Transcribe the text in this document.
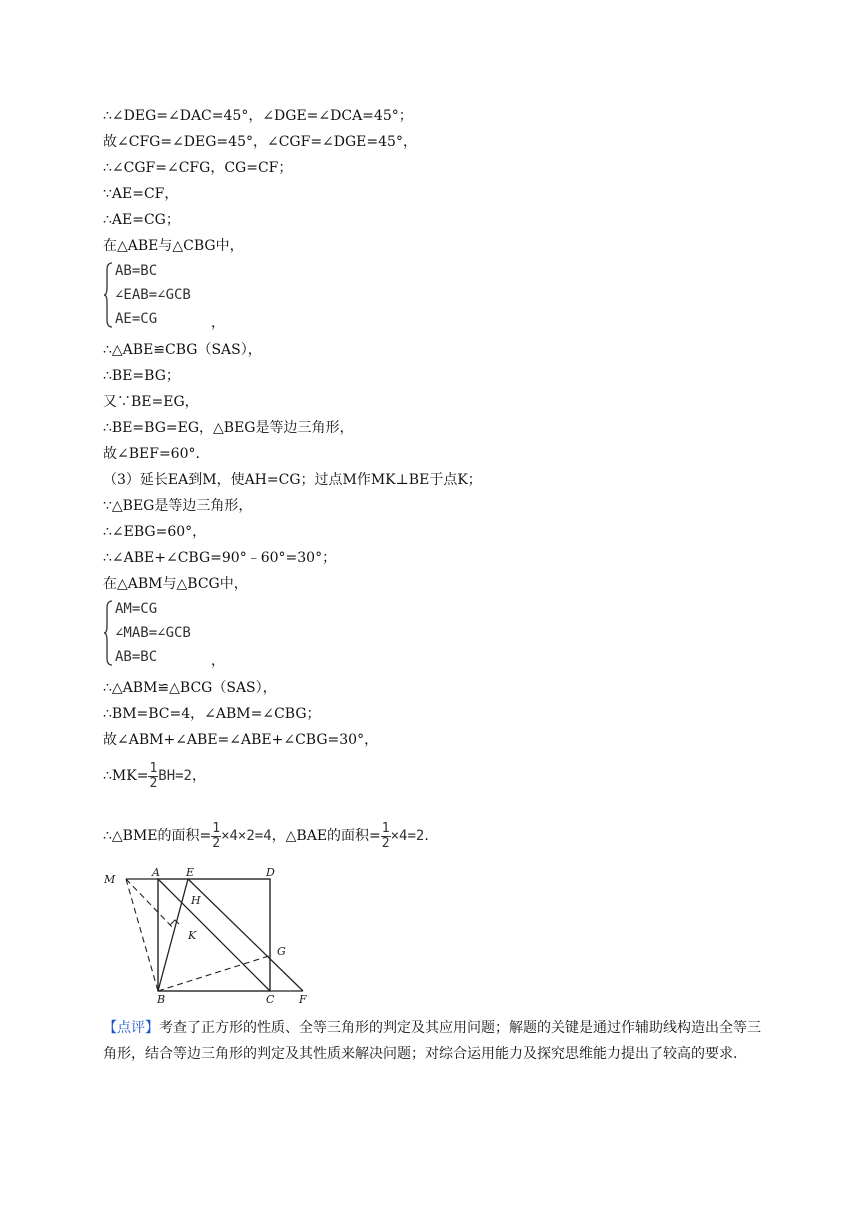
∴∠DEG=∠DAC=45°，∠DGE=∠DCA=45°；
故∠CFG=∠DEG=45°，∠CGF=∠DGE=45°，
∴∠CGF=∠CFG，CG=CF；
∵AE=CF，
∴AE=CG；
在△ABE与△CBG中，
AB=BC
∠EAB=∠GCB
AE=CG	，
∴△ABE≌CBG（SAS），
∴BE=BG；
又∵BE=EG，
∴BE=BG=EG，△BEG是等边三角形，
故∠BEF=60°.
（3）延长EA到M，使AH=CG；过点M作MK⊥BE于点K；
∵△BEG是等边三角形，
∴∠EBG=60°，
∴∠ABE+∠CBG=90°﹣60°=30°；
在△ABM与△BCG中，
AM=CG
∠MAB=∠GCB
AB=BC	，
∴△ABM≌△BCG（SAS），
∴BM=BC=4，∠ABM=∠CBG；
故∠ABM+∠ABE=∠ABE+∠CBG=30°，
∴MK= $\frac{1}{2} BH=2$，
∴△BME的面积= $\frac{1}{2} \times 4\times 2=4$，△BAE的面积= $\frac{1}{2} \times 4=2$.
M
A E	D
H
K
G
B	C F
【点评】考查了正方形的性质、全等三角形的判定及其应用问题；解题的关键是通过作辅助线构造出全等三角形，结合等边三角形的判定及其性质来解决问题；对综合运用能力及探究思维能力提出了较高的要求.
